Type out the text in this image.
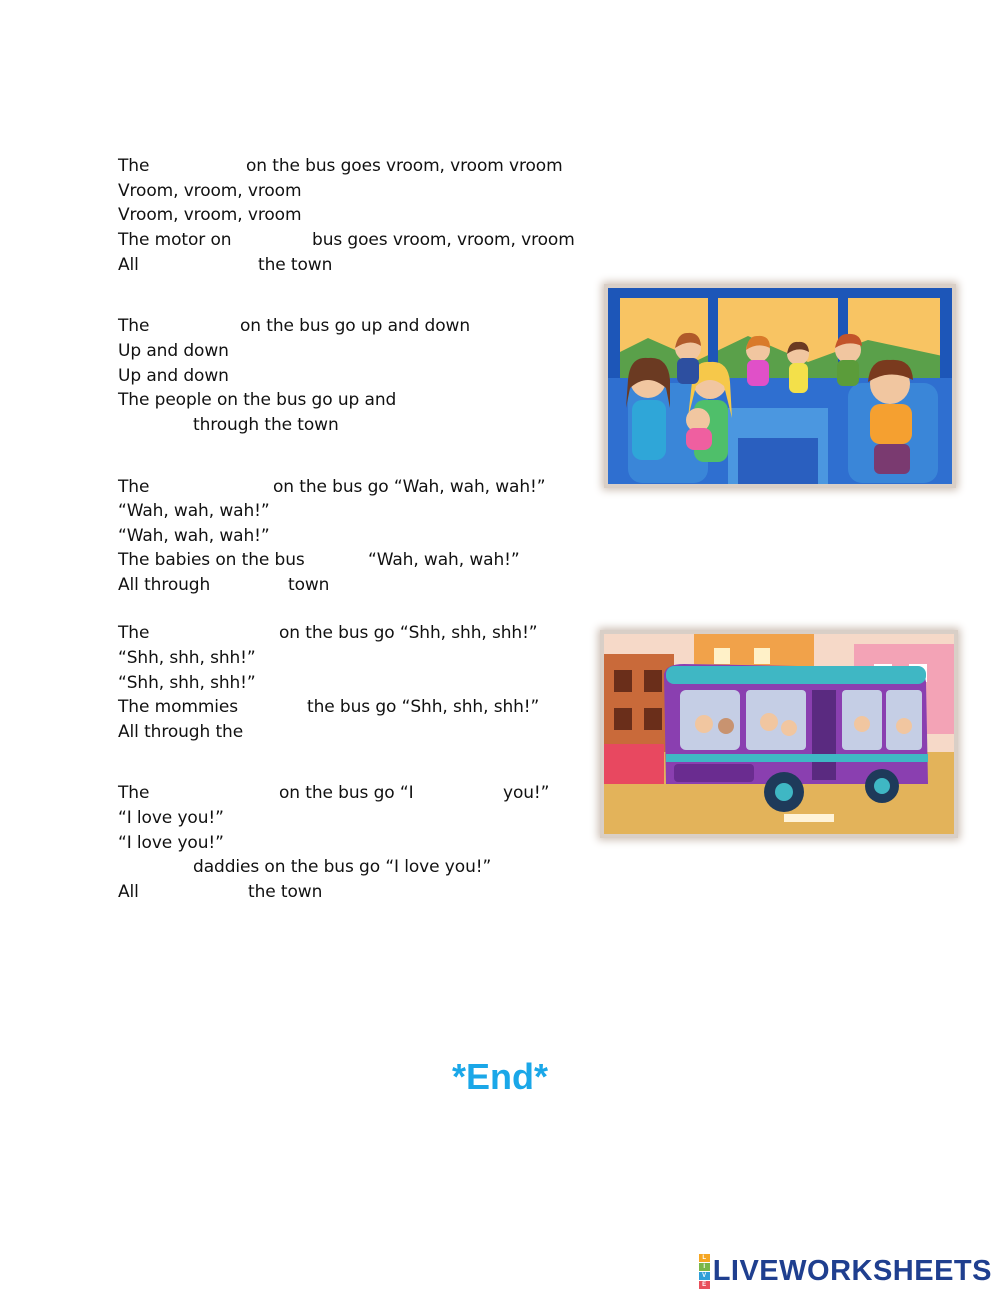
The	on the bus goes vroom, vroom vroom
Vroom, vroom, vroom
Vroom, vroom, vroom
The motor on	bus goes vroom, vroom, vroom
All	the town
The	on the bus go up and down
Up and down
Up and down
The people on the bus go up and
through the town
The	on the bus go “Wah, wah, wah!”
“Wah, wah, wah!”
“Wah, wah, wah!”
The babies on the bus	“Wah, wah, wah!”
All through	town
The	on the bus go “Shh, shh, shh!”
“Shh, shh, shh!”
“Shh, shh, shh!”
The mommies	the bus go “Shh, shh, shh!”
All through the
The	on the bus go “I	you!”
“I love you!”
“I love you!”
daddies on the bus go “I love you!”
All	the town
*End*
L
I
V
E LIVEWORKSHEETS
